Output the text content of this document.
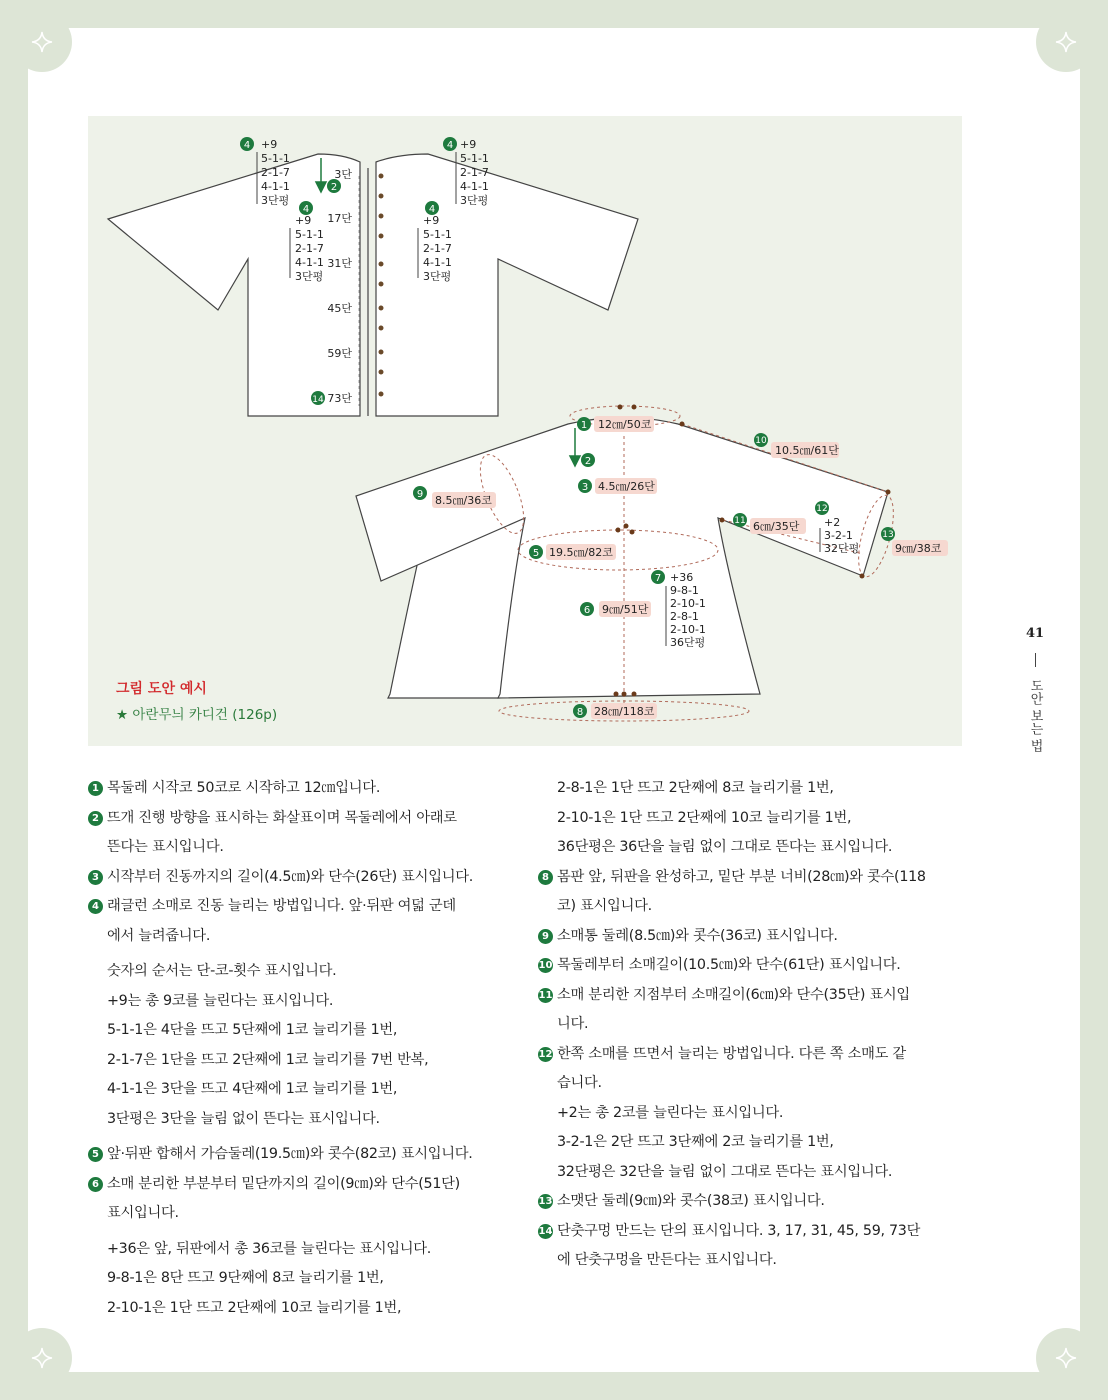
3단
17단
31단
45단
59단
73단
2
14
4 +9
5-1-1
2-1-7
4-1-1
3단평
4
+9
5-1-1
2-1-7
4-1-1
3단평
4
+9
5-1-1
2-1-7
4-1-1
3단평
4 +9
5-1-1
2-1-7
4-1-1
3단평
1 12㎝/50코
2
3 4.5㎝/26단
10
10.5㎝/61단
9 8.5㎝/36코
11 6㎝/35단
12
+2
3-2-1
32단평
13
9㎝/38코
5 19.5㎝/82코
6 9㎝/51단
7 +36
9-8-1
2-10-1
2-8-1
2-10-1
36단평
8 28㎝/118코
그림 도안 예시
★ 아란무늬 카디건 (126p)
1 목둘레 시작코 50코로 시작하고 12㎝입니다.
2 뜨개 진행 방향을 표시하는 화살표이며 목둘레에서 아래로
뜬다는 표시입니다.
3 시작부터 진동까지의 길이(4.5㎝)와 단수(26단) 표시입니다.
4 래글런 소매로 진동 늘리는 방법입니다. 앞·뒤판 여덟 군데
에서 늘려줍니다.
숫자의 순서는 단-코-횟수 표시입니다.
+9는 총 9코를 늘린다는 표시입니다.
5-1-1은 4단을 뜨고 5단째에 1코 늘리기를 1번,
2-1-7은 1단을 뜨고 2단째에 1코 늘리기를 7번 반복,
4-1-1은 3단을 뜨고 4단째에 1코 늘리기를 1번,
3단평은 3단을 늘림 없이 뜬다는 표시입니다.
5 앞·뒤판 합해서 가슴둘레(19.5㎝)와 콧수(82코) 표시입니다.
6 소매 분리한 부분부터 밑단까지의 길이(9㎝)와 단수(51단)
표시입니다.
+36은 앞, 뒤판에서 총 36코를 늘린다는 표시입니다.
9-8-1은 8단 뜨고 9단째에 8코 늘리기를 1번,
2-10-1은 1단 뜨고 2단째에 10코 늘리기를 1번,
2-8-1은 1단 뜨고 2단째에 8코 늘리기를 1번,
2-10-1은 1단 뜨고 2단째에 10코 늘리기를 1번,
36단평은 36단을 늘림 없이 그대로 뜬다는 표시입니다.
8 몸판 앞, 뒤판을 완성하고, 밑단 부분 너비(28㎝)와 콧수(118
코) 표시입니다.
9 소매통 둘레(8.5㎝)와 콧수(36코) 표시입니다.
10 목둘레부터 소매길이(10.5㎝)와 단수(61단) 표시입니다.
11 소매 분리한 지점부터 소매길이(6㎝)와 단수(35단) 표시입
니다.
12 한쪽 소매를 뜨면서 늘리는 방법입니다. 다른 쪽 소매도 같
습니다.
+2는 총 2코를 늘린다는 표시입니다.
3-2-1은 2단 뜨고 3단째에 2코 늘리기를 1번,
32단평은 32단을 늘림 없이 그대로 뜬다는 표시입니다.
13 소맷단 둘레(9㎝)와 콧수(38코) 표시입니다.
14 단춧구멍 만드는 단의 표시입니다. 3, 17, 31, 45, 59, 73단
에 단춧구멍을 만든다는 표시입니다.
41
도안 보는 법
